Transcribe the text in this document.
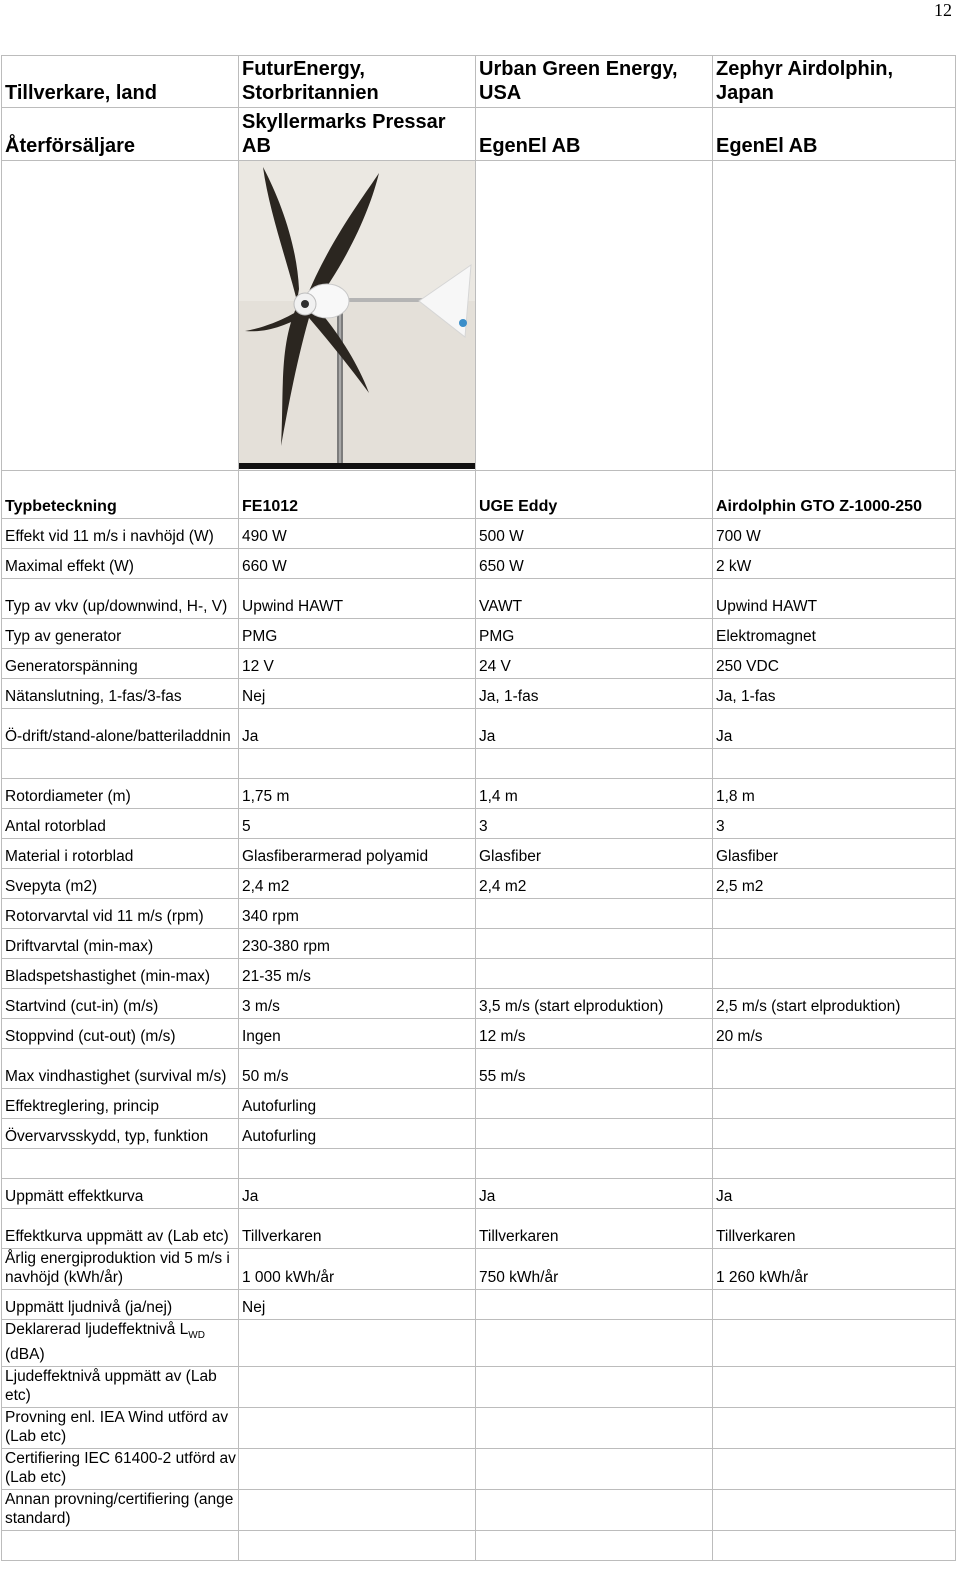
12
Tillverkare, land	FuturEnergy, Storbritannien	Urban Green Energy, USA	Zephyr Airdolphin, Japan
Återförsäljare	Skyllermarks Pressar AB	EgenEl AB	EgenEl AB

Typbeteckning	FE1012	UGE Eddy	Airdolphin GTO Z-1000-250
Effekt vid 11 m/s i navhöjd (W)	490 W	500 W	700 W
Maximal effekt (W)	660 W	650 W	2 kW
Typ av vkv (up/downwind, H-, V)	Upwind HAWT	VAWT	Upwind HAWT
Typ av generator	PMG	PMG	Elektromagnet
Generatorspänning	12 V	24 V	250 VDC
Nätanslutning, 1-fas/3-fas	Nej	Ja, 1-fas	Ja, 1-fas
Ö-drift/stand-alone/batteriladdnin	Ja	Ja	Ja

Rotordiameter (m)	1,75 m	1,4 m	1,8 m
Antal rotorblad	5	3	3
Material i rotorblad	Glasfiberarmerad polyamid	Glasfiber	Glasfiber
Svepyta (m2)	2,4 m2	2,4 m2	2,5 m2
Rotorvarvtal vid 11 m/s (rpm)	340 rpm		
Driftvarvtal (min-max)	230-380 rpm		
Bladspetshastighet (min-max)	21-35 m/s		
Startvind (cut-in) (m/s)	3 m/s	3,5 m/s (start elproduktion)	2,5 m/s (start elproduktion)
Stoppvind (cut-out) (m/s)	Ingen	12 m/s	20 m/s
Max vindhastighet (survival m/s)	50 m/s	55 m/s	
Effektreglering, princip	Autofurling		
Övervarvsskydd, typ, funktion	Autofurling		

Uppmätt effektkurva	Ja	Ja	Ja
Effektkurva uppmätt av (Lab etc)	Tillverkaren	Tillverkaren	Tillverkaren
Årlig energiproduktion vid 5 m/s i navhöjd (kWh/år)	1 000 kWh/år	750 kWh/år	1 260 kWh/år
Uppmätt ljudnivå (ja/nej)	Nej		
Deklarerad ljudeffektnivå $L_{WD}$ (dBA)			
Ljudeffektnivå uppmätt av (Lab etc)			
Provning enl. IEA Wind utförd av (Lab etc)			
Certifiering IEC 61400-2 utförd av (Lab etc)			
Annan provning/certifiering (ange standard)			
